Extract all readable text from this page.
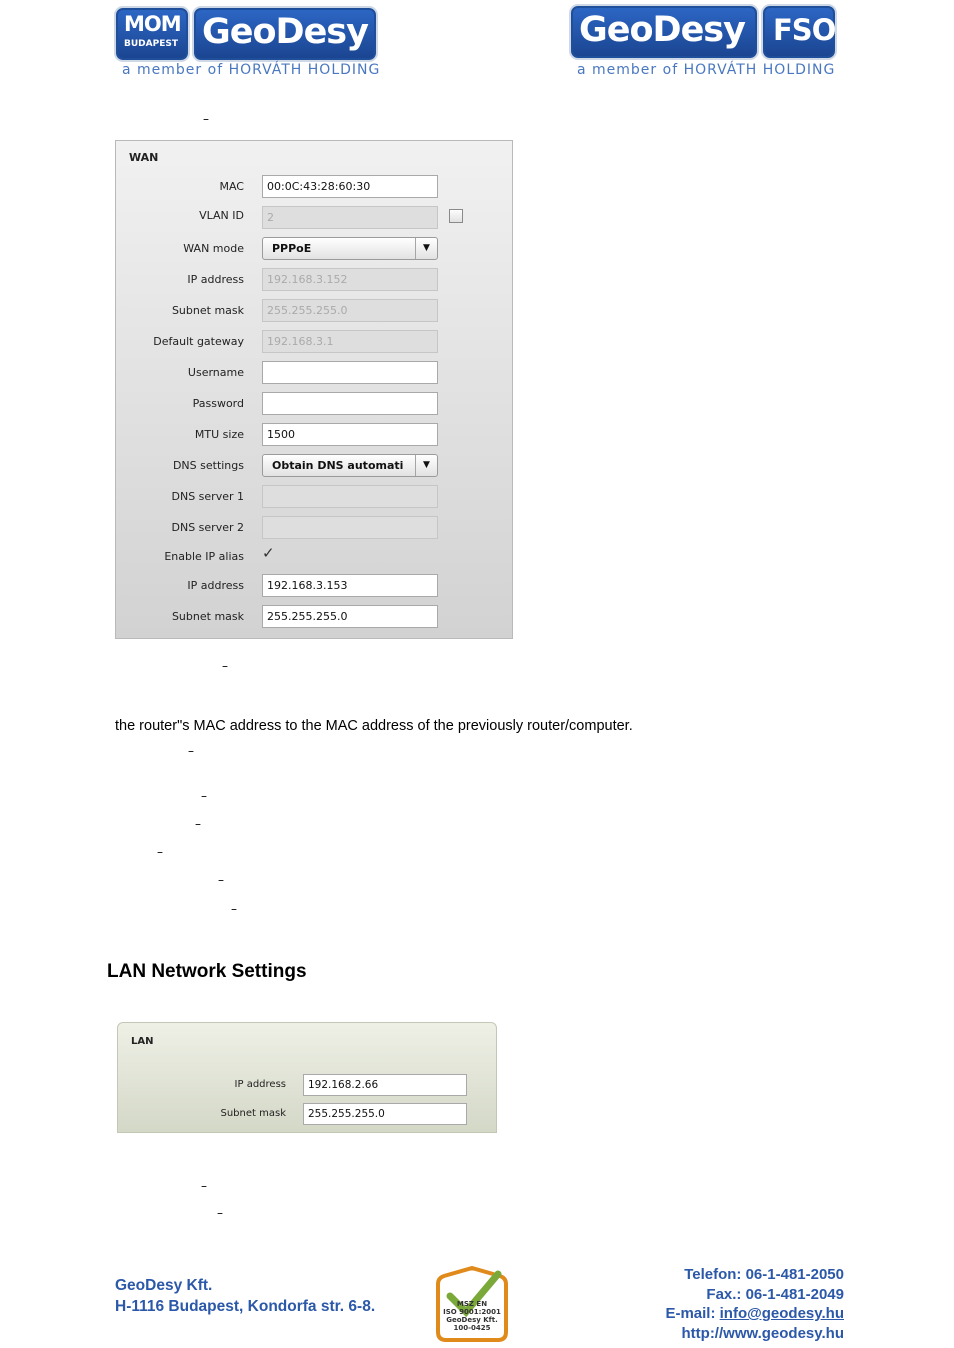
MOM
BUDAPEST GeoDesy
a member of HORVÁTH HOLDING
GeoDesy FSO
a member of HORVÁTH HOLDING
–
WAN
MAC	00:0C:43:28:60:30
VLAN ID	2
WAN mode	PPPoE	▼
IP address	192.168.3.152
Subnet mask	255.255.255.0
Default gateway	192.168.3.1
Username
Password
MTU size	1500
DNS settings	Obtain DNS automati	▼
DNS server 1
DNS server 2
Enable IP alias ✓
IP address	192.168.3.153
Subnet mask	255.255.255.0
–
the router"s MAC address to the MAC address of the previously router/computer.
–
–
–
–
–
–
LAN Network Settings
LAN
IP address	192.168.2.66
Subnet mask	255.255.255.0
–
–
GeoDesy Kft.
H-1116 Budapest, Kondorfa str. 6-8.	MSZ EN
ISO 9001:2001
GeoDesy Kft.
100-0425
Telefon: 06-1-481-2050
Fax.: 06-1-481-2049
E-mail: info@geodesy.hu
http://www.geodesy.hu
